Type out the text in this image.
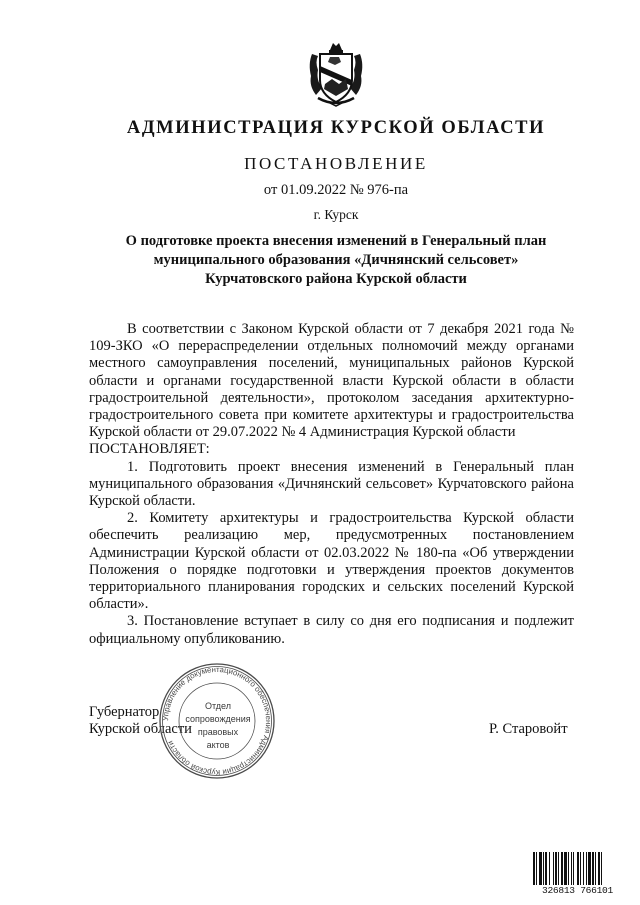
АДМИНИСТРАЦИЯ КУРСКОЙ ОБЛАСТИ
ПОСТАНОВЛЕНИЕ
от 01.09.2022 № 976-па
г. Курск
О подготовке проекта внесения изменений в Генеральный план
муниципального образования «Дичнянский сельсовет»
Курчатовского района Курской области

В соответствии с Законом Курской области от 7 декабря 2021 года № 109-ЗКО «О перераспределении отдельных полномочий между органами местного самоуправления поселений, муниципальных районов Курской области и органами государственной власти Курской области в области градостроительной деятельности», протоколом заседания архитектурно-градостроительного совета при комитете архитектуры и градостроительства Курской области от 29.07.2022 № 4 Администрация Курской области

ПОСТАНОВЛЯЕТ:

1. Подготовить проект внесения изменений в Генеральный план муниципального образования «Дичнянский сельсовет» Курчатовского района Курской области.

2. Комитету архитектуры и градостроительства Курской области обеспечить реализацию мер, предусмотренных постановлением Администрации Курской области от 02.03.2022 № 180-па «Об утверждении Положения о порядке подготовки и утверждения проектов документов территориального планирования городских и сельских поселений Курской области».

3. Постановление вступает в силу со дня его подписания и подлежит официальному опубликованию.

Губернатор
Курской области	Р. Старовойт
Управление документационного обеспечения Администрации Курской области
Отдел
сопровождения
правовых
актов
326813 766101
